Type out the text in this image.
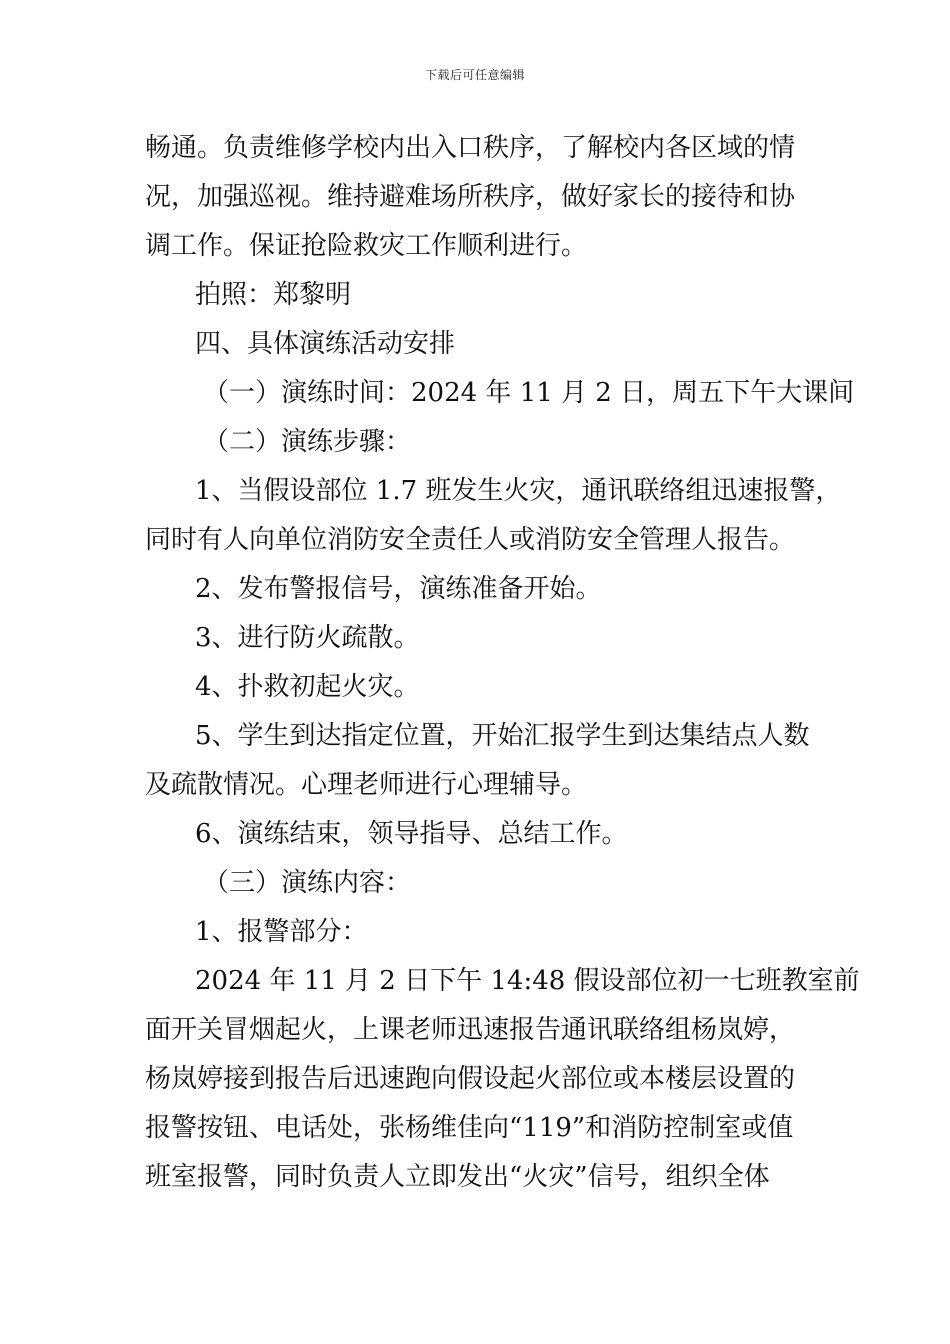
下载后可任意编辑
畅通。负责维修学校内出入口秩序，了解校内各区域的情
况，加强巡视。维持避难场所秩序，做好家长的接待和协
调工作。保证抢险救灾工作顺利进行。
拍照：郑黎明
四、具体演练活动安排
（一）演练时间：2024 年 11 月 2 日，周五下午大课间
（二）演练步骤：
1、当假设部位 1.7 班发生火灾，通讯联络组迅速报警，
同时有人向单位消防安全责任人或消防安全管理人报告。
2、发布警报信号，演练准备开始。
3、进行防火疏散。
4、扑救初起火灾。
5、学生到达指定位置，开始汇报学生到达集结点人数
及疏散情况。心理老师进行心理辅导。
6、演练结束，领导指导、总结工作。
（三）演练内容：
1、报警部分：
2024 年 11 月 2 日下午 14:48 假设部位初一七班教室前
面开关冒烟起火，上课老师迅速报告通讯联络组杨岚婷，
杨岚婷接到报告后迅速跑向假设起火部位或本楼层设置的
报警按钮、电话处，张杨维佳向“119”和消防控制室或值
班室报警，同时负责人立即发出“火灾”信号，组织全体
